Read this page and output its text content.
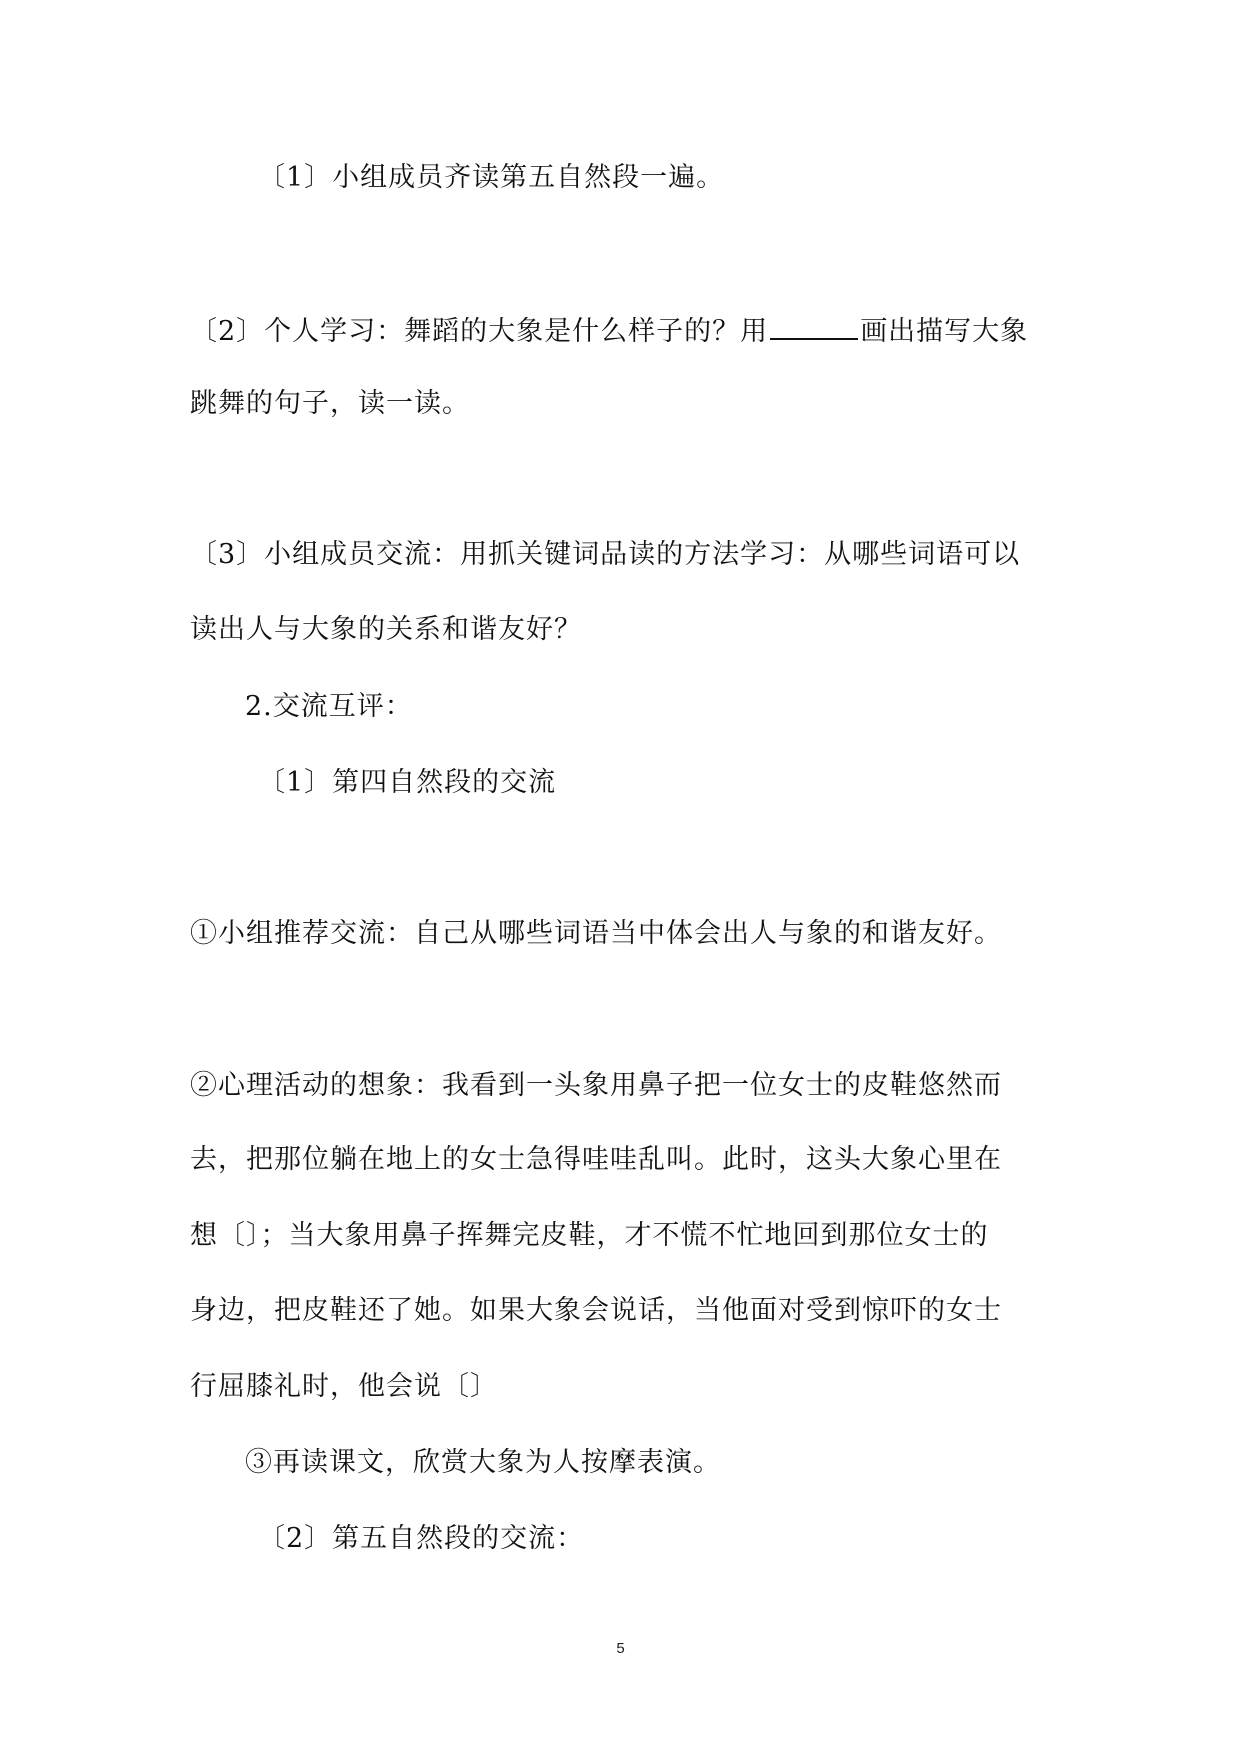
〔1〕小组成员齐读第五自然段一遍。
〔2〕个人学习：舞蹈的大象是什么样子的？用	画出描写大象
跳舞的句子，读一读。
〔3〕小组成员交流：用抓关键词品读的方法学习：从哪些词语可以
读出人与大象的关系和谐友好？
2.交流互评：
〔1〕第四自然段的交流
①小组推荐交流：自己从哪些词语当中体会出人与象的和谐友好。
②心理活动的想象：我看到一头象用鼻子把一位女士的皮鞋悠然而
去，把那位躺在地上的女士急得哇哇乱叫。此时，这头大象心里在
想〔〕；当大象用鼻子挥舞完皮鞋，才不慌不忙地回到那位女士的
身边，把皮鞋还了她。如果大象会说话，当他面对受到惊吓的女士
行屈膝礼时，他会说〔〕
③再读课文，欣赏大象为人按摩表演。
〔2〕第五自然段的交流：
5
